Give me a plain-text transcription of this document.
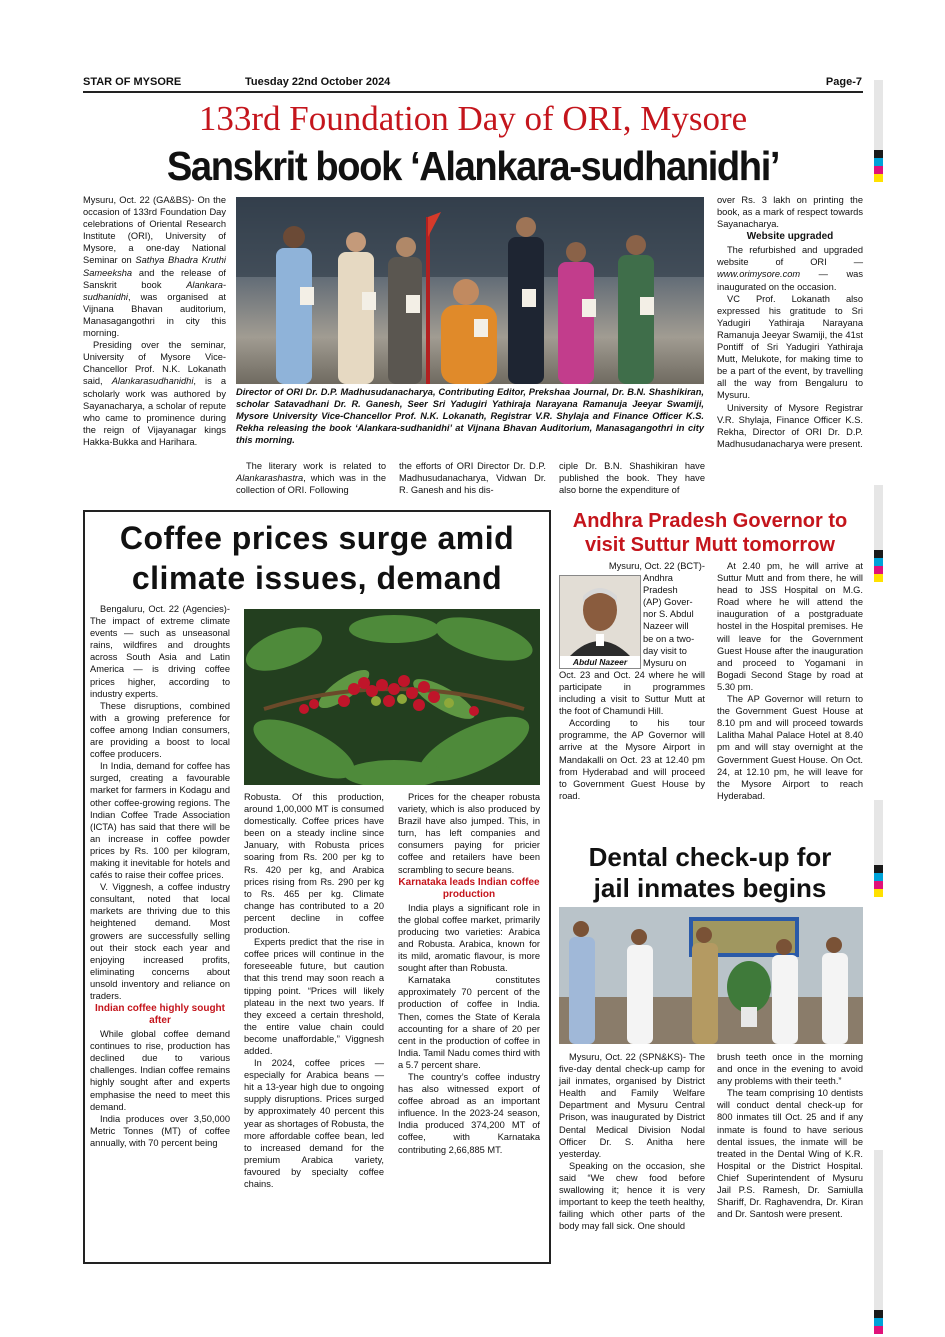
STAR OF MYSORE	Tuesday 22nd October 2024	Page-7
133rd Foundation Day of ORI, Mysore
Sanskrit book ‘Alankara-sudhanidhi’

Mysuru, Oct. 22 (GA&BS)- On the occasion of 133rd Foundation Day celebrations of Oriental Research Institute (ORI), University of Mysore, a one-day National Seminar on Sathya Bhadra Kruthi Sameeksha and the release of Sanskrit book Alankara-sudhanidhi, was organised at Vijnana Bhavan auditorium, Manasagangothri in city this morning.

Presiding over the seminar, University of Mysore Vice-Chancellor Prof. N.K. Lokanath said, Alankarasudhanidhi, is a scholarly work was authored by Sayanacharya, a scholar of repute who came to prominence during the reign of Vijayanagar kings Hakka-Bukka and Harihara.

Director of ORI Dr. D.P. Madhusudanacharya, Contributing Editor, Prekshaa Journal, Dr. B.N. Shashikiran, scholar Satavadhani Dr. R. Ganesh, Seer Sri Yadugiri Yathiraja Narayana Ramanuja Jeeyar Swamiji, Mysore University Vice-Chancellor Prof. N.K. Lokanath, Registrar V.R. Shylaja and Finance Officer K.S. Rekha releasing the book ‘Alankara-sudhanidhi’ at Vijnana Bhavan Auditorium, Manasagangothri in city this morning.

The literary work is related to Alankarashastra, which was in the collection of ORI. Following

the efforts of ORI Director Dr. D.P. Madhusudanacharya, Vidwan Dr. R. Ganesh and his dis-

ciple Dr. B.N. Shashikiran have published the book. They have also borne the expenditure of

over Rs. 3 lakh on printing the book, as a mark of respect towards Sayanacharya.

Website upgraded

The refurbished and upgraded website of ORI — www.orimysore.com — was inaugurated on the occasion.

VC Prof. Lokanath also expressed his gratitude to Sri Yadugiri Yathiraja Narayana Ramanuja Jeeyar Swamiji, the 41st Pontiff of Sri Yadugiri Yathiraja Mutt, Melukote, for making time to be a part of the event, by travelling all the way from Bengaluru to Mysuru.

University of Mysore Registrar V.R. Shylaja, Finance Officer K.S. Rekha, Director of ORI Dr. D.P. Madhusudanacharya were present.

Coffee prices surge amid
climate issues, demand

Bengaluru, Oct. 22 (Agencies)- The impact of extreme climate events — such as unseasonal rains, wildfires and droughts across South Asia and Latin America — is driving coffee prices higher, according to industry experts.

These disruptions, combined with a growing preference for coffee among Indian consumers, are providing a boost to local coffee producers.

In India, demand for coffee has surged, creating a favourable market for farmers in Kodagu and other coffee-growing regions. The Indian Coffee Trade Association (ICTA) has said that there will be an increase in coffee powder prices by Rs. 100 per kilogram, making it inevitable for hotels and cafés to raise their coffee prices.

V. Viggnesh, a coffee industry consultant, noted that local markets are thriving due to this heightened demand. Most growers are successfully selling out their stock each year and enjoying increased profits, eliminating concerns about unsold inventory and reliance on traders.

Indian coffee highly sought after

While global coffee demand continues to rise, production has declined due to various challenges. Indian coffee remains highly sought after and experts emphasise the need to meet this demand.

India produces over 3,50,000 Metric Tonnes (MT) of coffee annually, with 70 percent being

Robusta. Of this production, around 1,00,000 MT is consumed domestically. Coffee prices have been on a steady incline since January, with Robusta prices soaring from Rs. 200 per kg to Rs. 420 per kg, and Arabica prices rising from Rs. 290 per kg to Rs. 465 per kg. Climate change has contributed to a 20 percent decline in coffee production.

Experts predict that the rise in coffee prices will continue in the foreseeable future, but caution that this trend may soon reach a tipping point. “Prices will likely plateau in the next two years. If they exceed a certain threshold, the entire value chain could become unaffordable,” Viggnesh added.

In 2024, coffee prices — especially for Arabica beans — hit a 13-year high due to ongoing supply disruptions. Prices surged by approximately 40 percent this year as shortages of Robusta, the more affordable coffee bean, led to increased demand for the premium Arabica variety, favoured by specialty coffee chains.

Prices for the cheaper robusta variety, which is also produced by Brazil have also jumped. This, in turn, has left companies and consumers paying for pricier coffee and retailers have been scrambling to secure beans.

Karnataka leads Indian coffee production

India plays a significant role in the global coffee market, primarily producing two varieties: Arabica and Robusta. Arabica, known for its mild, aromatic flavour, is more sought after than Robusta.

Karnataka constitutes approximately 70 percent of the production of coffee in India. Then, comes the State of Kerala accounting for a share of 20 per cent in the production of coffee in India. Tamil Nadu comes third with a 5.7 percent share.

The country’s coffee industry has also witnessed export of coffee abroad as an important influence. In the 2023-24 season, India produced 374,200 MT of coffee, with Karnataka contributing 2,66,885 MT.

Andhra Pradesh Governor to
visit Suttur Mutt tomorrow
Abdul Nazeer

Mysuru, Oct. 22 (BCT)-

Andhra

Pradesh

(AP) Gover-

nor S. Abdul

Nazeer will

be on a two-

day visit to

Mysuru on

Oct. 23 and Oct. 24 where he will participate in programmes including a visit to Suttur Mutt at the foot of Chamundi Hill.

According to his tour programme, the AP Governor will arrive at the Mysore Airport in Mandakalli on Oct. 23 at 12.40 pm from Hyderabad and will proceed to Government Guest House by road.

At 2.40 pm, he will arrive at Suttur Mutt and from there, he will head to JSS Hospital on M.G. Road where he will attend the inauguration of a postgraduate hostel in the Hospital premises. He will leave for the Government Guest House after the inauguration and proceed to Yogamani in Bogadi Second Stage by road at 5.30 pm.

The AP Governor will return to the Government Guest House at 8.10 pm and will proceed towards Lalitha Mahal Palace Hotel at 8.40 pm and will stay overnight at the Government Guest House. On Oct. 24, at 12.10 pm, he will leave for the Mysore Airport to reach Hyderabad.

Dental check-up for
jail inmates begins

Mysuru, Oct. 22 (SPN&KS)- The five-day dental check-up camp for jail inmates, organised by District Health and Family Welfare Department and Mysuru Central Prison, was inaugurated by District Dental Medical Division Nodal Officer Dr. S. Anitha here yesterday.

Speaking on the occasion, she said “We chew food before swallowing it; hence it is very important to keep the teeth healthy, failing which other parts of the body may fall sick. One should

brush teeth once in the morning and once in the evening to avoid any problems with their teeth.”

The team comprising 10 dentists will conduct dental check-up for 800 inmates till Oct. 25 and if any inmate is found to have serious dental issues, the inmate will be treated in the Dental Wing of K.R. Hospital or the District Hospital. Chief Superintendent of Mysuru Jail P.S. Ramesh, Dr. Samiulla Shariff, Dr. Raghavendra, Dr. Kiran and Dr. Santosh were present.
